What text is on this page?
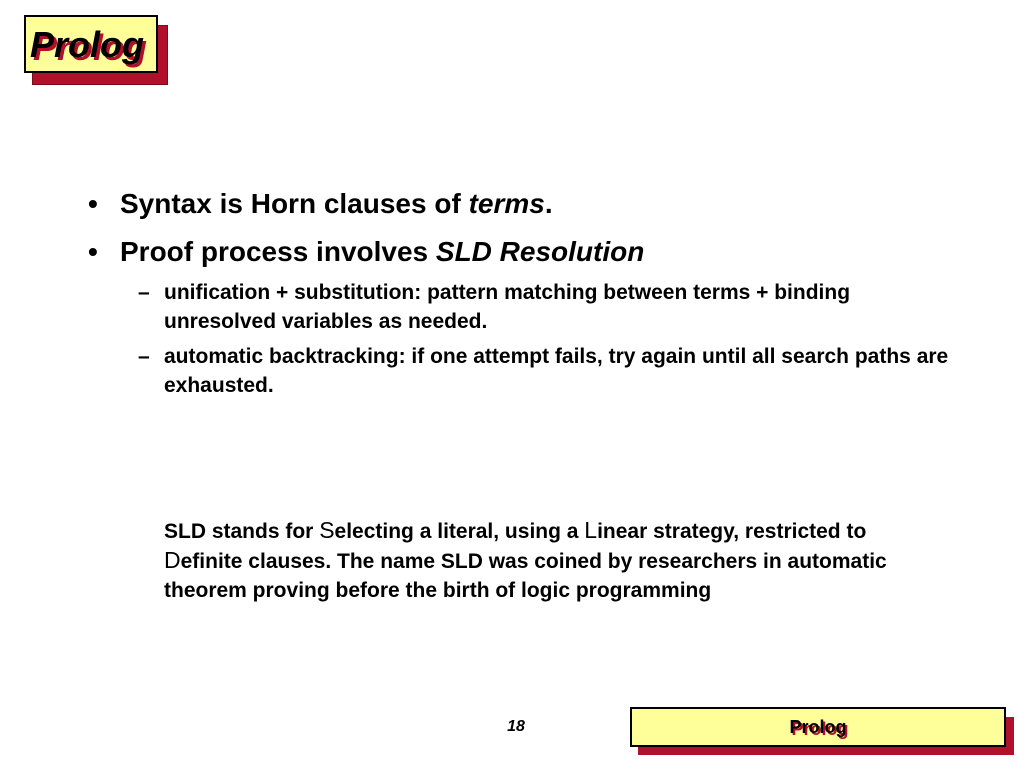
Prolog
• Syntax is Horn clauses of terms.
• Proof process involves SLD Resolution
– unification + substitution: pattern matching between terms + binding unresolved variables as needed.
– automatic backtracking: if one attempt fails, try again until all search paths are exhausted.
SLD stands for Selecting a literal, using a Linear strategy, restricted to Definite clauses. The name SLD was coined by researchers in automatic theorem proving before the birth of logic programming
18	Prolog
